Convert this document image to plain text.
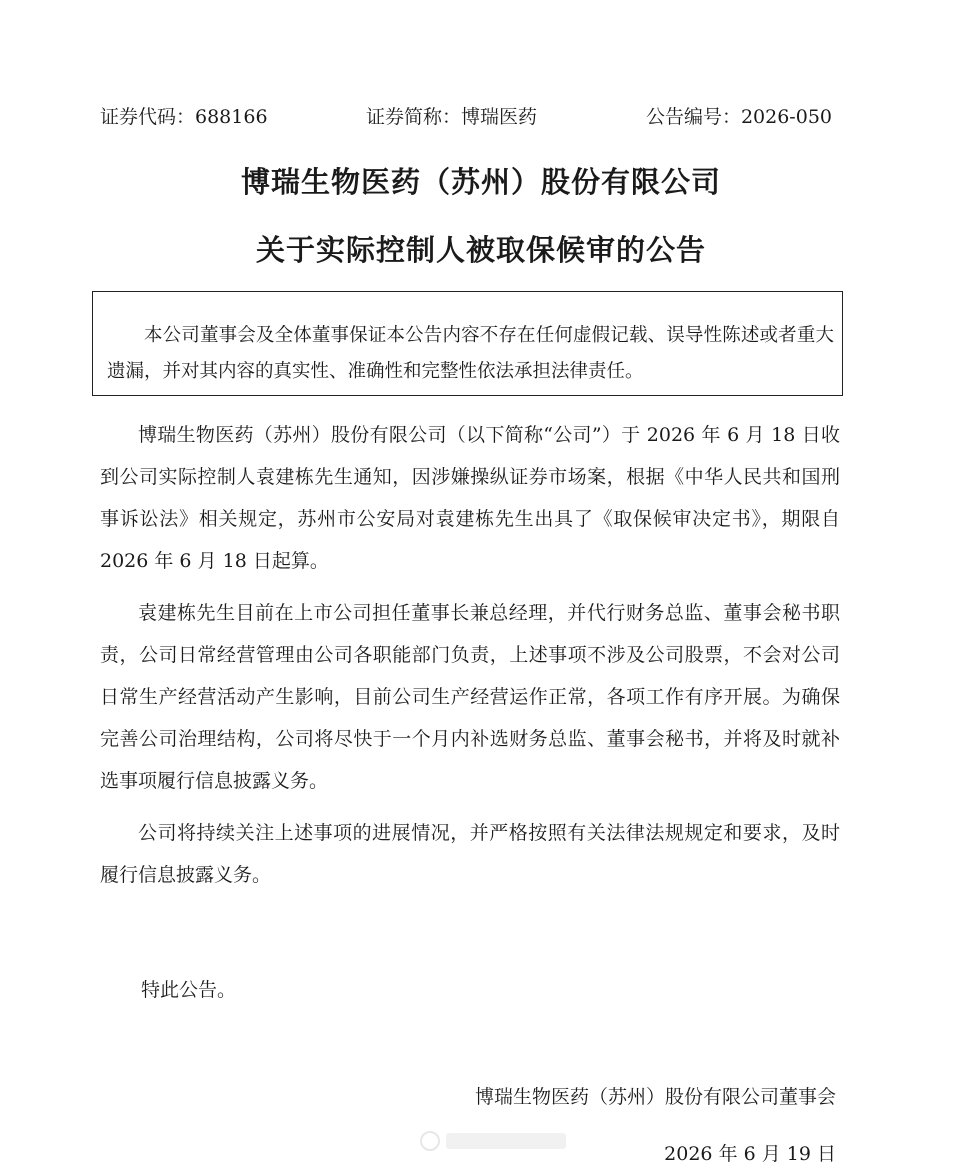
证券代码：688166	证券简称：博瑞医药	公告编号：2026-050
博瑞生物医药（苏州）股份有限公司
关于实际控制人被取保候审的公告
本公司董事会及全体董事保证本公告内容不存在任何虚假记载、误导性陈述或者重大遗漏，并对其内容的真实性、准确性和完整性依法承担法律责任。

博瑞生物医药（苏州）股份有限公司（以下简称“公司”）于 2026 年 6 月 18 日收到公司实际控制人袁建栋先生通知，因涉嫌操纵证券市场案，根据《中华人民共和国刑事诉讼法》相关规定，苏州市公安局对袁建栋先生出具了《取保候审决定书》，期限自 2026 年 6 月 18 日起算。

袁建栋先生目前在上市公司担任董事长兼总经理，并代行财务总监、董事会秘书职责，公司日常经营管理由公司各职能部门负责，上述事项不涉及公司股票，不会对公司日常生产经营活动产生影响，目前公司生产经营运作正常，各项工作有序开展。为确保完善公司治理结构，公司将尽快于一个月内补选财务总监、董事会秘书，并将及时就补选事项履行信息披露义务。

公司将持续关注上述事项的进展情况，并严格按照有关法律法规规定和要求，及时履行信息披露义务。

特此公告。
博瑞生物医药（苏州）股份有限公司董事会
2026 年 6 月 19 日
